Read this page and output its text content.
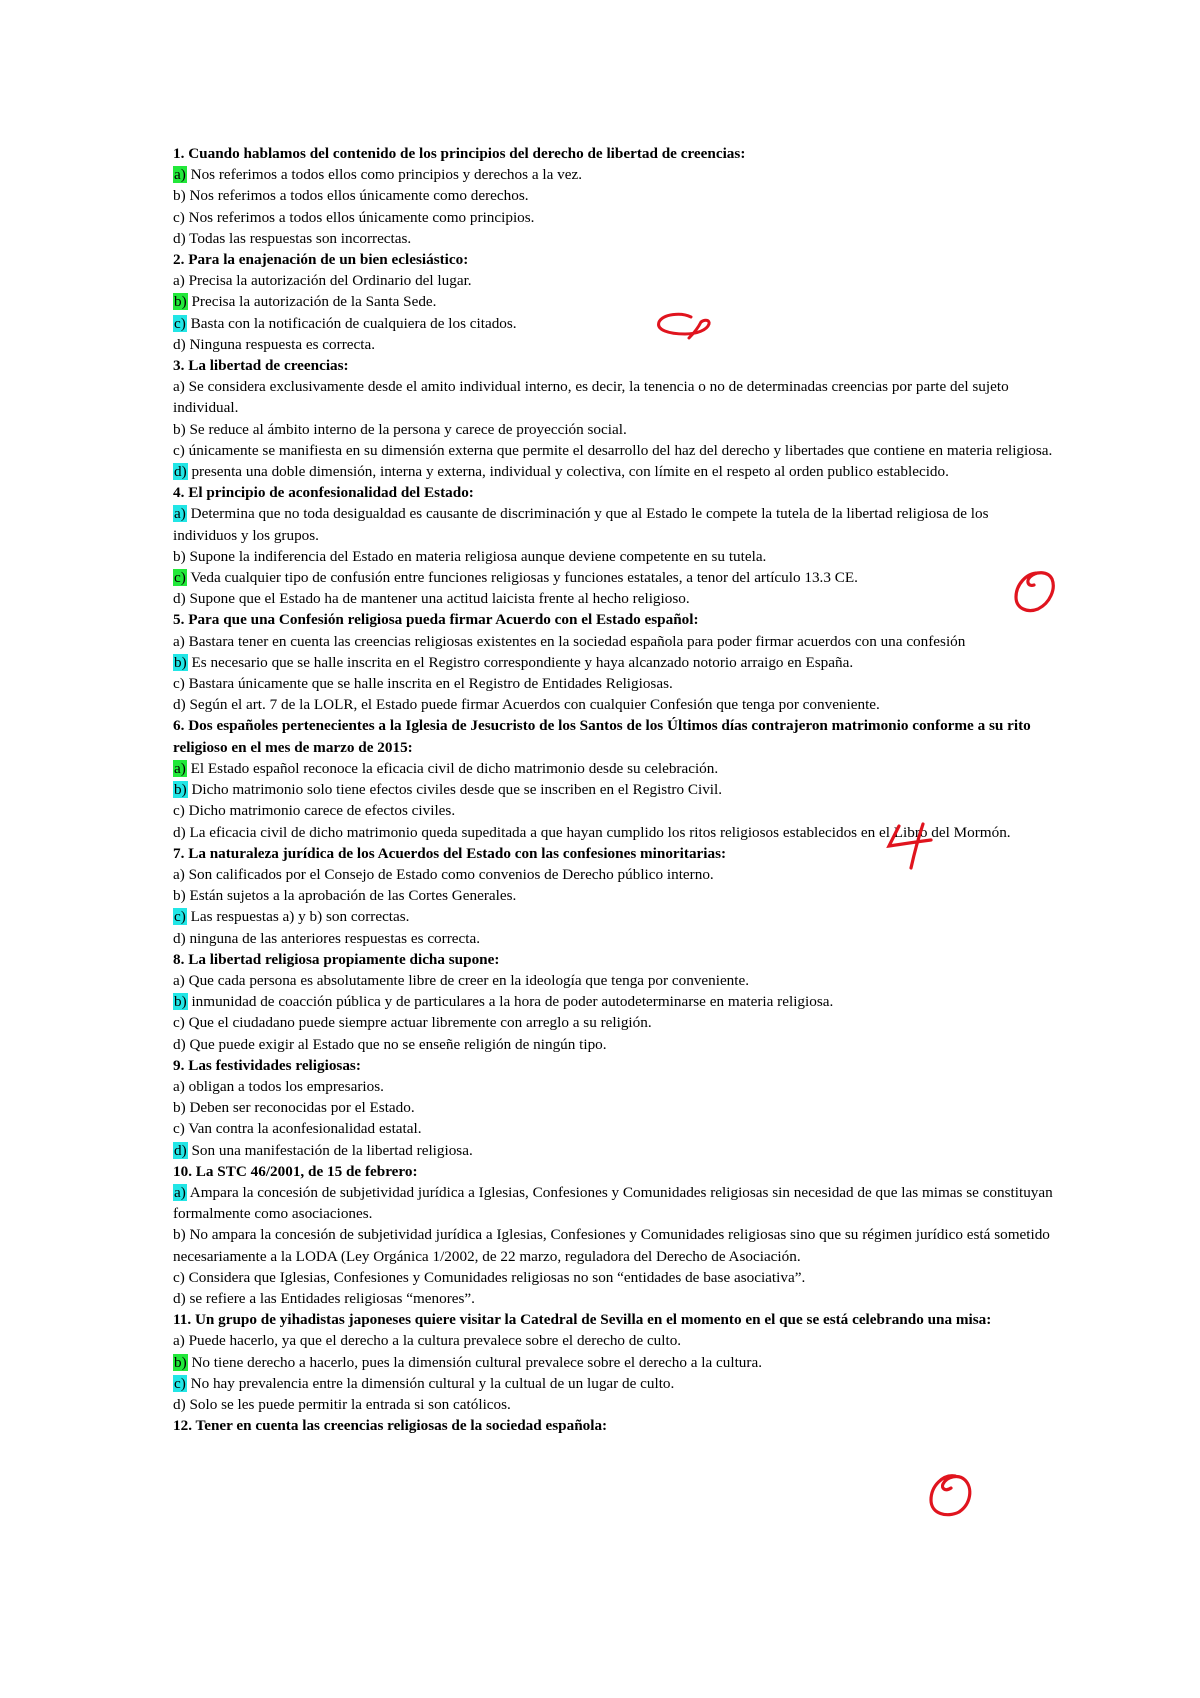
1. Cuando hablamos del contenido de los principios del derecho de libertad de creencias:
a) Nos referimos a todos ellos como principios y derechos a la vez.
b) Nos referimos a todos ellos únicamente como derechos.
c) Nos referimos a todos ellos únicamente como principios.
d) Todas las respuestas son incorrectas.
2. Para la enajenación de un bien eclesiástico:
a) Precisa la autorización del Ordinario del lugar.
b) Precisa la autorización de la Santa Sede.
c) Basta con la notificación de cualquiera de los citados.
d) Ninguna respuesta es correcta.
3. La libertad de creencias:
a) Se considera exclusivamente desde el amito individual interno, es decir, la tenencia o no de determinadas creencias por parte del sujeto individual.
b) Se reduce al ámbito interno de la persona y carece de proyección social.
c) únicamente se manifiesta en su dimensión externa que permite el desarrollo del haz del derecho y libertades que contiene en materia religiosa.
d) presenta una doble dimensión, interna y externa, individual y colectiva, con límite en el respeto al orden publico establecido.
4. El principio de aconfesionalidad del Estado:
a) Determina que no toda desigualdad es causante de discriminación y que al Estado le compete la tutela de la libertad religiosa de los individuos y los grupos.
b) Supone la indiferencia del Estado en materia religiosa aunque deviene competente en su tutela.
c) Veda cualquier tipo de confusión entre funciones religiosas y funciones estatales, a tenor del artículo 13.3 CE.
d) Supone que el Estado ha de mantener una actitud laicista frente al hecho religioso.
5. Para que una Confesión religiosa pueda firmar Acuerdo con el Estado español:
a) Bastara tener en cuenta las creencias religiosas existentes en la sociedad española para poder firmar acuerdos con una confesión
b) Es necesario que se halle inscrita en el Registro correspondiente y haya alcanzado notorio arraigo en España.
c) Bastara únicamente que se halle inscrita en el Registro de Entidades Religiosas.
d) Según el art. 7 de la LOLR, el Estado puede firmar Acuerdos con cualquier Confesión que tenga por conveniente.
6. Dos españoles pertenecientes a la Iglesia de Jesucristo de los Santos de los Últimos días contrajeron matrimonio conforme a su rito religioso en el mes de marzo de 2015:
a) El Estado español reconoce la eficacia civil de dicho matrimonio desde su celebración.
b) Dicho matrimonio solo tiene efectos civiles desde que se inscriben en el Registro Civil.
c) Dicho matrimonio carece de efectos civiles.
d) La eficacia civil de dicho matrimonio queda supeditada a que hayan cumplido los ritos religiosos establecidos en el Libro del Mormón.
7. La naturaleza jurídica de los Acuerdos del Estado con las confesiones minoritarias:
a) Son calificados por el Consejo de Estado como convenios de Derecho público interno.
b) Están sujetos a la aprobación de las Cortes Generales.
c) Las respuestas a) y b) son correctas.
d) ninguna de las anteriores respuestas es correcta.
8. La libertad religiosa propiamente dicha supone:
a) Que cada persona es absolutamente libre de creer en la ideología que tenga por conveniente.
b) inmunidad de coacción pública y de particulares a la hora de poder autodeterminarse en materia religiosa.
c) Que el ciudadano puede siempre actuar libremente con arreglo a su religión.
d) Que puede exigir al Estado que no se enseñe religión de ningún tipo.
9. Las festividades religiosas:
a) obligan a todos los empresarios.
b) Deben ser reconocidas por el Estado.
c) Van contra la aconfesionalidad estatal.
d) Son una manifestación de la libertad religiosa.
10. La STC 46/2001, de 15 de febrero:
a) Ampara la concesión de subjetividad jurídica a Iglesias, Confesiones y Comunidades religiosas sin necesidad de que las mimas se constituyan formalmente como asociaciones.
b) No ampara la concesión de subjetividad jurídica a Iglesias, Confesiones y Comunidades religiosas sino que su régimen jurídico está sometido necesariamente a la LODA (Ley Orgánica 1/2002, de 22 marzo, reguladora del Derecho de Asociación.
c) Considera que Iglesias, Confesiones y Comunidades religiosas no son “entidades de base asociativa”.
d) se refiere a las Entidades religiosas “menores”.
11. Un grupo de yihadistas japoneses quiere visitar la Catedral de Sevilla en el momento en el que se está celebrando una misa:
a) Puede hacerlo, ya que el derecho a la cultura prevalece sobre el derecho de culto.
b) No tiene derecho a hacerlo, pues la dimensión cultural prevalece sobre el derecho a la cultura.
c) No hay prevalencia entre la dimensión cultural y la cultual de un lugar de culto.
d) Solo se les puede permitir la entrada si son católicos.
12. Tener en cuenta las creencias religiosas de la sociedad española:
